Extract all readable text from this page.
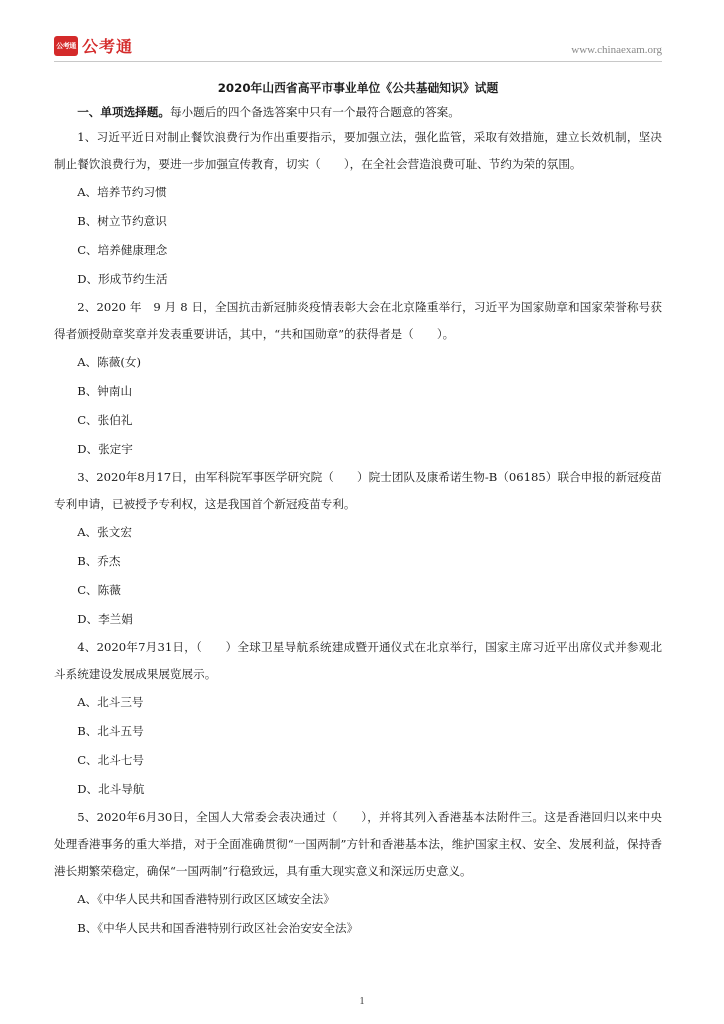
公考通 公考通	www.chinaexam.org

2020年山西省高平市事业单位《公共基础知识》试题

一、单项选择题。每小题后的四个备选答案中只有一个最符合题意的答案。

1、习近平近日对制止餐饮浪费行为作出重要指示，要加强立法，强化监管，采取有效措施，建立长效机制，坚决制止餐饮浪费行为，要进一步加强宣传教育，切实（　　），在全社会营造浪费可耻、节约为荣的氛围。

A、培养节约习惯

B、树立节约意识

C、培养健康理念

D、形成节约生活

2、2020 年　9 月 8 日，全国抗击新冠肺炎疫情表彰大会在北京隆重举行，习近平为国家勋章和国家荣誉称号获得者颁授勋章奖章并发表重要讲话，其中，“共和国勋章”的获得者是（　　）。

A、陈薇(女)

B、钟南山

C、张伯礼

D、张定宇

3、2020年8月17日，由军科院军事医学研究院（　　）院士团队及康希诺生物-B（06185）联合申报的新冠疫苗专利申请，已被授予专利权，这是我国首个新冠疫苗专利。

A、张文宏

B、乔杰

C、陈薇

D、李兰娟

4、2020年7月31日，（　　）全球卫星导航系统建成暨开通仪式在北京举行，国家主席习近平出席仪式并参观北斗系统建设发展成果展览展示。

A、北斗三号

B、北斗五号

C、北斗七号

D、北斗导航

5、2020年6月30日，全国人大常委会表决通过（　　），并将其列入香港基本法附件三。这是香港回归以来中央处理香港事务的重大举措，对于全面准确贯彻“一国两制”方针和香港基本法，维护国家主权、安全、发展利益，保持香港长期繁荣稳定，确保“一国两制”行稳致远，具有重大现实意义和深远历史意义。

A、《中华人民共和国香港特别行政区区域安全法》

B、《中华人民共和国香港特别行政区社会治安安全法》

1
